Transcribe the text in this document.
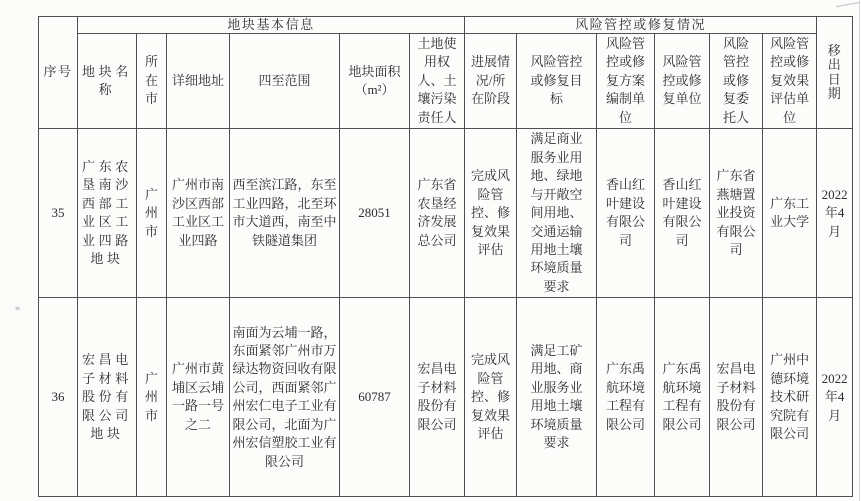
序号	地块基本信息						风险管控或修复情况						移出日期
	地块名称	所在市	详细地址	四至范围	地块面积（m²）	土地使用权人、土壤污染责任人	进展情况/所在阶段	风险管控或修复目标	风险管控或修复方案编制单位	风险管控或修复单位	风险管控或修复委托人	风险管控或修复效果评估单位	
35	广东农垦南沙西部工业区工业四路地块	广州市	广州市南沙区西部工业区工业四路	西至滨江路，东至工业四路，北至环市大道西，南至中铁隧道集团	28051	广东省农垦经济发展总公司	完成风险管控、修复效果评估	满足商业服务业用地、绿地与开敞空间用地、交通运输用地土壤环境质量要求	香山红叶建设有限公司	香山红叶建设有限公司	广东省燕塘置业投资有限公司	广东工业大学	2022年4月
36	宏昌电子材料股份有限公司地块	广州市	广州市黄埔区云埔一路一号之二	南面为云埔一路，东面紧邻广州市万绿达物资回收有限公司，西面紧邻广州宏仁电子工业有限公司，北面为广州宏信塑胶工业有限公司	60787	宏昌电子材料股份有限公司	完成风险管控、修复效果评估	满足工矿用地、商业服务业用地土壤环境质量要求	广东禹航环境工程有限公司	广东禹航环境工程有限公司	宏昌电子材料股份有限公司	广州中德环境技术研究院有限公司	2022年4月
